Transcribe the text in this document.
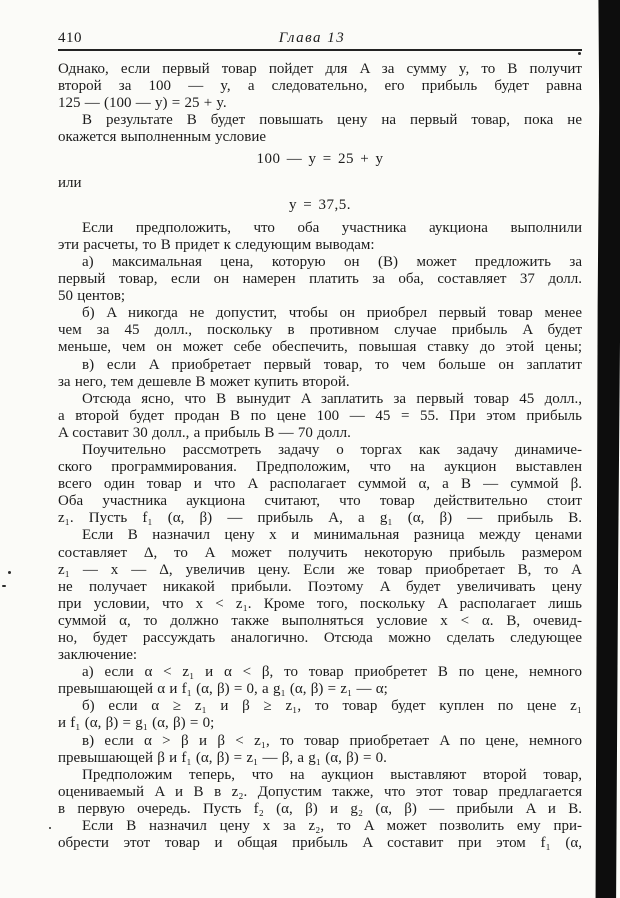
410	Глава 13
Однако, если первый товар пойдет для A за сумму y, то B получит
второй за 100 — y, а следовательно, его прибыль будет равна
125 — (100 — y) = 25 + y.
В результате B будет повышать цену на первый товар, пока не
окажется выполненным условие
100 — y = 25 + y
или
y = 37,5.
Если предположить, что оба участника аукциона выполнили
эти расчеты, то B придет к следующим выводам:
а) максимальная цена, которую он (B) может предложить за
первый товар, если он намерен платить за оба, составляет 37 долл.
50 центов;
б) A никогда не допустит, чтобы он приобрел первый товар менее
чем за 45 долл., поскольку в противном случае прибыль A будет
меньше, чем он может себе обеспечить, повышая ставку до этой цены;
в) если A приобретает первый товар, то чем больше он заплатит
за него, тем дешевле B может купить второй.
Отсюда ясно, что B вынудит A заплатить за первый товар 45 долл.,
а второй будет продан B по цене 100 — 45 = 55. При этом прибыль
A составит 30 долл., а прибыль B — 70 долл.
Поучительно рассмотреть задачу о торгах как задачу динамиче-
ского программирования. Предположим, что на аукцион выставлен
всего один товар и что A располагает суммой α, а B — суммой β.
Оба участника аукциона считают, что товар действительно стоит
z₁. Пусть f₁ (α, β) — прибыль A, а g₁ (α, β) — прибыль B.
Если B назначил цену x и минимальная разница между ценами
составляет Δ, то A может получить некоторую прибыль размером
z₁ — x — Δ, увеличив цену. Если же товар приобретает B, то A
не получает никакой прибыли. Поэтому A будет увеличивать цену
при условии, что x < z₁. Кроме того, поскольку A располагает лишь
суммой α, то должно также выполняться условие x < α. B, очевид-
но, будет рассуждать аналогично. Отсюда можно сделать следующее
заключение:
а) если α < z₁ и α < β, то товар приобретет B по цене, немного
превышающей α и f₁ (α, β) = 0, а g₁ (α, β) = z₁ — α;
б) если α ≥ z₁ и β ≥ z₁, то товар будет куплен по цене z₁
и f₁ (α, β) = g₁ (α, β) = 0;
в) если α > β и β < z₁, то товар приобретает A по цене, немного
превышающей β и f₁ (α, β) = z₁ — β, а g₁ (α, β) = 0.
Предположим теперь, что на аукцион выставляют второй товар,
оцениваемый A и B в z₂. Допустим также, что этот товар предлагается
в первую очередь. Пусть f₂ (α, β) и g₂ (α, β) — прибыли A и B.
Если B назначил цену x за z₂, то A может позволить ему при-
обрести этот товар и общая прибыль A составит при этом f₁ (α,
